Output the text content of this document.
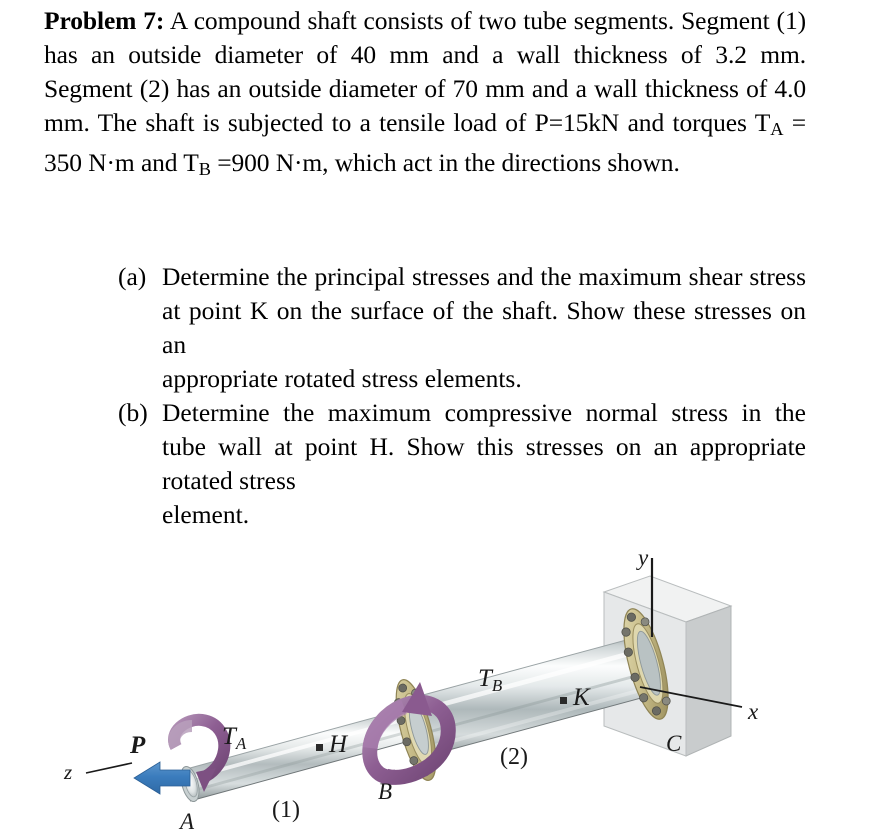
Problem 7: A compound shaft consists of two tube segments. Segment (1) has an outside diameter of 40 mm and a wall thickness of 3.2 mm. Segment (2) has an outside diameter of 70 mm and a wall thickness of 4.0 mm. The shaft is subjected to a tensile load of P=15kN and torques $T_A = 350$ N·m and $T_B =900$ N·m, which act in the directions shown.

(a) Determine the principal stresses and the maximum shear stress at point K on the surface of the shaft. Show these stresses on an
appropriate rotated stress elements.
(b) Determine the maximum compressive normal stress in the tube wall at point H. Show this stresses on an appropriate rotated stress
element.
y
x
z
P	TA
TB
H
K
A
B
C
(1)
(2)
